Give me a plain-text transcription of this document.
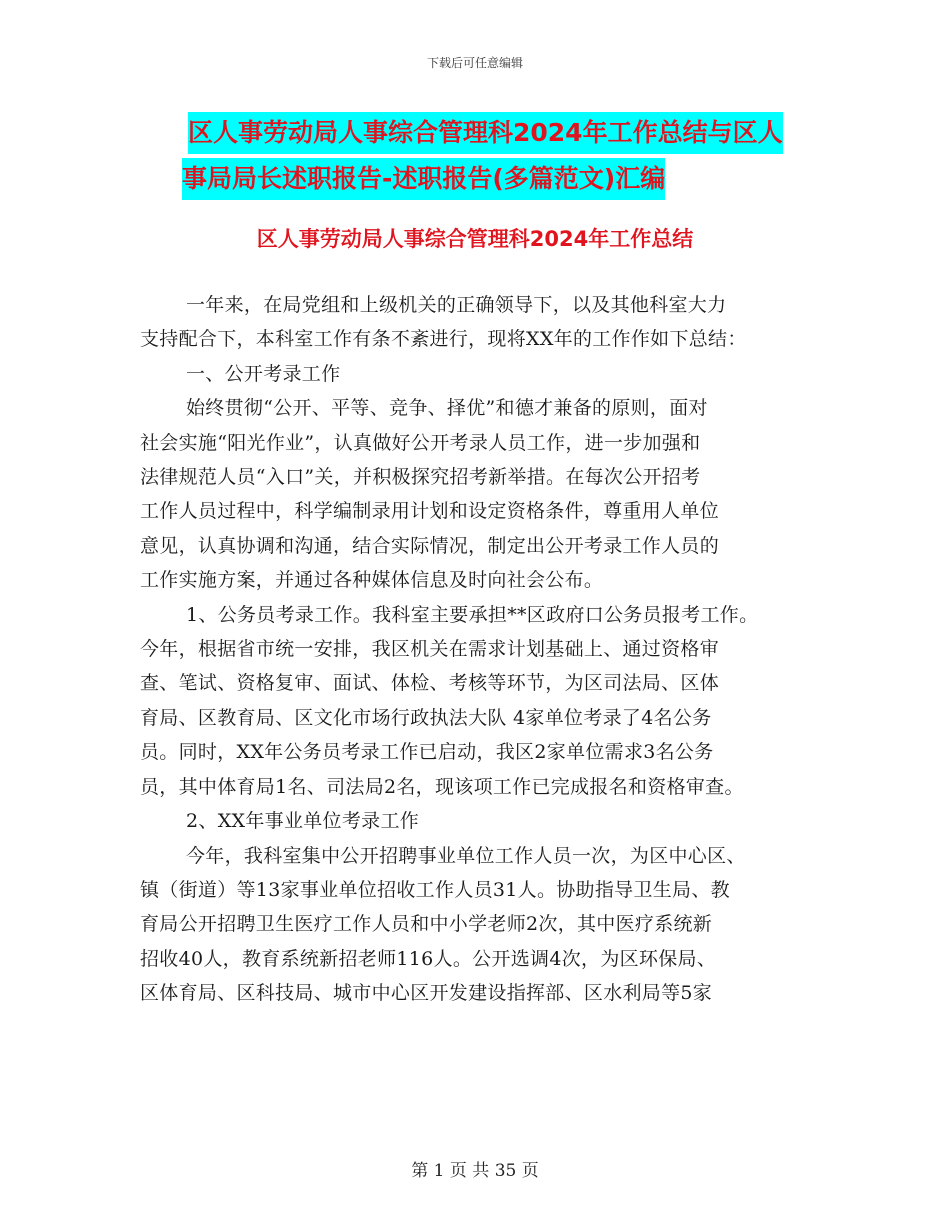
下载后可任意编辑
区人事劳动局人事综合管理科2024年工作总结与区人
事局局长述职报告-述职报告(多篇范文)汇编
区人事劳动局人事综合管理科2024年工作总结
一年来，在局党组和上级机关的正确领导下，以及其他科室大力
支持配合下，本科室工作有条不紊进行，现将XX年的工作作如下总结：
一、公开考录工作
始终贯彻“公开、平等、竞争、择优”和德才兼备的原则，面对
社会实施“阳光作业”，认真做好公开考录人员工作，进一步加强和
法律规范人员“入口”关，并积极探究招考新举措。在每次公开招考
工作人员过程中，科学编制录用计划和设定资格条件，尊重用人单位
意见，认真协调和沟通，结合实际情况，制定出公开考录工作人员的
工作实施方案，并通过各种媒体信息及时向社会公布。
1、公务员考录工作。我科室主要承担**区政府口公务员报考工作。
今年，根据省市统一安排，我区机关在需求计划基础上、通过资格审
查、笔试、资格复审、面试、体检、考核等环节，为区司法局、区体
育局、区教育局、区文化市场行政执法大队 4家单位考录了4名公务
员。同时，XX年公务员考录工作已启动，我区2家单位需求3名公务
员，其中体育局1名、司法局2名，现该项工作已完成报名和资格审查。
2、XX年事业单位考录工作
今年，我科室集中公开招聘事业单位工作人员一次，为区中心区、
镇（街道）等13家事业单位招收工作人员31人。协助指导卫生局、教
育局公开招聘卫生医疗工作人员和中小学老师2次，其中医疗系统新
招收40人，教育系统新招老师116人。公开选调4次，为区环保局、
区体育局、区科技局、城市中心区开发建设指挥部、区水利局等5家
第 1 页 共 35 页
